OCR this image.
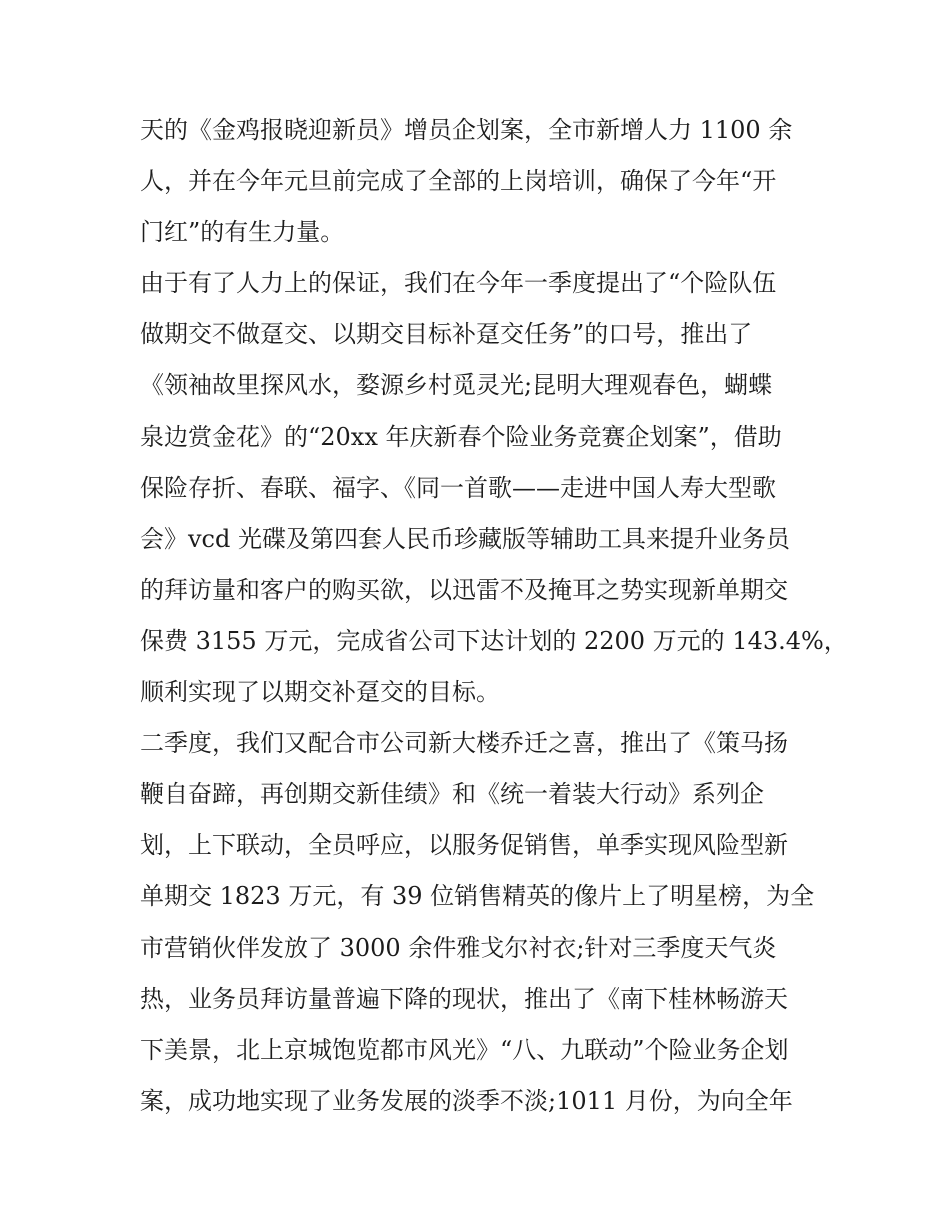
天的《金鸡报晓迎新员》增员企划案，全市新增人力 1100 余
人，并在今年元旦前完成了全部的上岗培训，确保了今年“开
门红”的有生力量。
由于有了人力上的保证，我们在今年一季度提出了“个险队伍
做期交不做趸交、以期交目标补趸交任务”的口号，推出了
《领袖故里探风水，婺源乡村觅灵光;昆明大理观春色，蝴蝶
泉边赏金花》的“20xx 年庆新春个险业务竞赛企划案”，借助
保险存折、春联、福字、《同一首歌——走进中国人寿大型歌
会》vcd 光碟及第四套人民币珍藏版等辅助工具来提升业务员
的拜访量和客户的购买欲，以迅雷不及掩耳之势实现新单期交
保费 3155 万元，完成省公司下达计划的 2200 万元的 143.4%，
顺利实现了以期交补趸交的目标。
二季度，我们又配合市公司新大楼乔迁之喜，推出了《策马扬
鞭自奋蹄，再创期交新佳绩》和《统一着装大行动》系列企
划，上下联动，全员呼应，以服务促销售，单季实现风险型新
单期交 1823 万元，有 39 位销售精英的像片上了明星榜，为全
市营销伙伴发放了 3000 余件雅戈尔衬衣;针对三季度天气炎
热，业务员拜访量普遍下降的现状，推出了《南下桂林畅游天
下美景，北上京城饱览都市风光》“八、九联动”个险业务企划
案，成功地实现了业务发展的淡季不淡;1011 月份，为向全年
